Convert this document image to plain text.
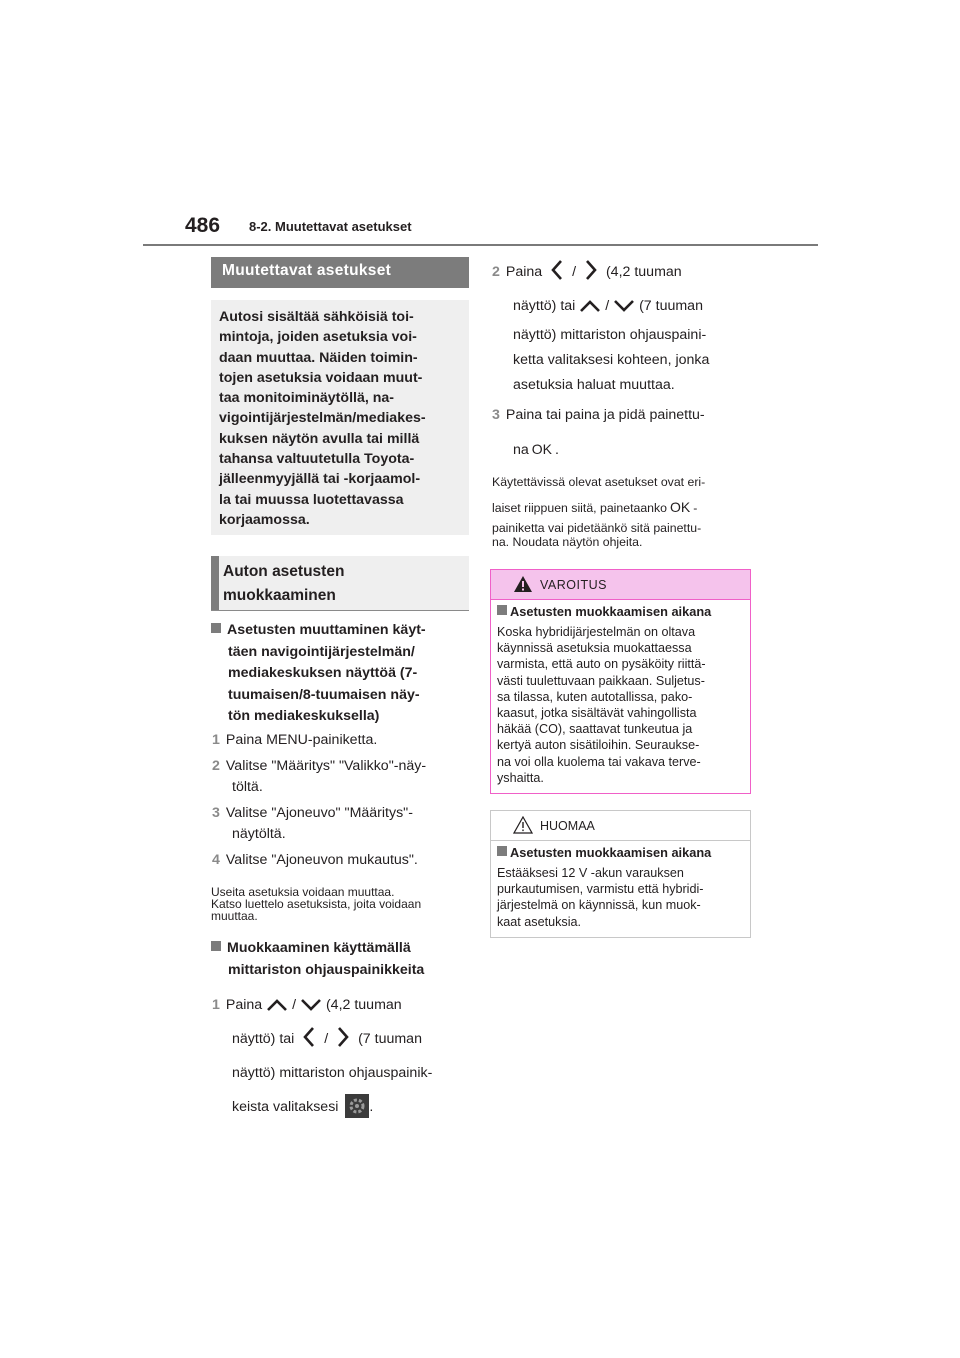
486 8-2. Muutettavat asetukset
Muutettavat asetukset
Autosi sisältää sähköisiä toi-
mintoja, joiden asetuksia voi-
daan muuttaa. Näiden toimin-
tojen asetuksia voidaan muut-
taa monitoiminäytöllä, na-
vigointijärjestelmän/mediakes-
kuksen näytön avulla tai millä
tahansa valtuutetulla Toyota-
jälleenmyyjällä tai -korjaamol-
la tai muussa luotettavassa
korjaamossa.
Auton asetusten
muokkaaminen
Asetusten muuttaminen käyt-
täen navigointijärjestelmän/
mediakeskuksen näyttöä (7-
tuumaisen/8-tuumaisen näy-
tön mediakeskuksella)
1 Paina MENU-painiketta.
2 Valitse "Määritys" "Valikko"-näy-
töltä.
3 Valitse "Ajoneuvo" "Määritys"-
näytöltä.
4 Valitse "Ajoneuvon mukautus".
Useita asetuksia voidaan muuttaa.
Katso luettelo asetuksista, joita voidaan
muuttaa.
Muokkaaminen käyttämällä
mittariston ohjauspainikkeita
1 Paina / (4,2 tuuman
näyttö) tai / (7 tuuman
näyttö) mittariston ohjauspainik-
keista valitaksesi .
2 Paina / (4,2 tuuman
näyttö) tai / (7 tuuman
näyttö) mittariston ohjauspaini-
ketta valitaksesi kohteen, jonka
asetuksia haluat muuttaa.
3 Paina tai paina ja pidä painettu-
na OK .
Käytettävissä olevat asetukset ovat eri-
laiset riippuen siitä, painetaanko OK -
painiketta vai pidetäänkö sitä painettu-
na. Noudata näytön ohjeita.
VAROITUS
Asetusten muokkaamisen aikana
Koska hybridijärjestelmän on oltava
käynnissä asetuksia muokattaessa
varmista, että auto on pysäköity riittä-
västi tuulettuvaan paikkaan. Suljetus-
sa tilassa, kuten autotallissa, pako-
kaasut, jotka sisältävät vahingollista
häkää (CO), saattavat tunkeutua ja
kertyä auton sisätiloihin. Seuraukse-
na voi olla kuolema tai vakava terve-
yshaitta.
HUOMAA
Asetusten muokkaamisen aikana
Estääksesi 12 V -akun varauksen
purkautumisen, varmistu että hybridi-
järjestelmä on käynnissä, kun muok-
kaat asetuksia.
